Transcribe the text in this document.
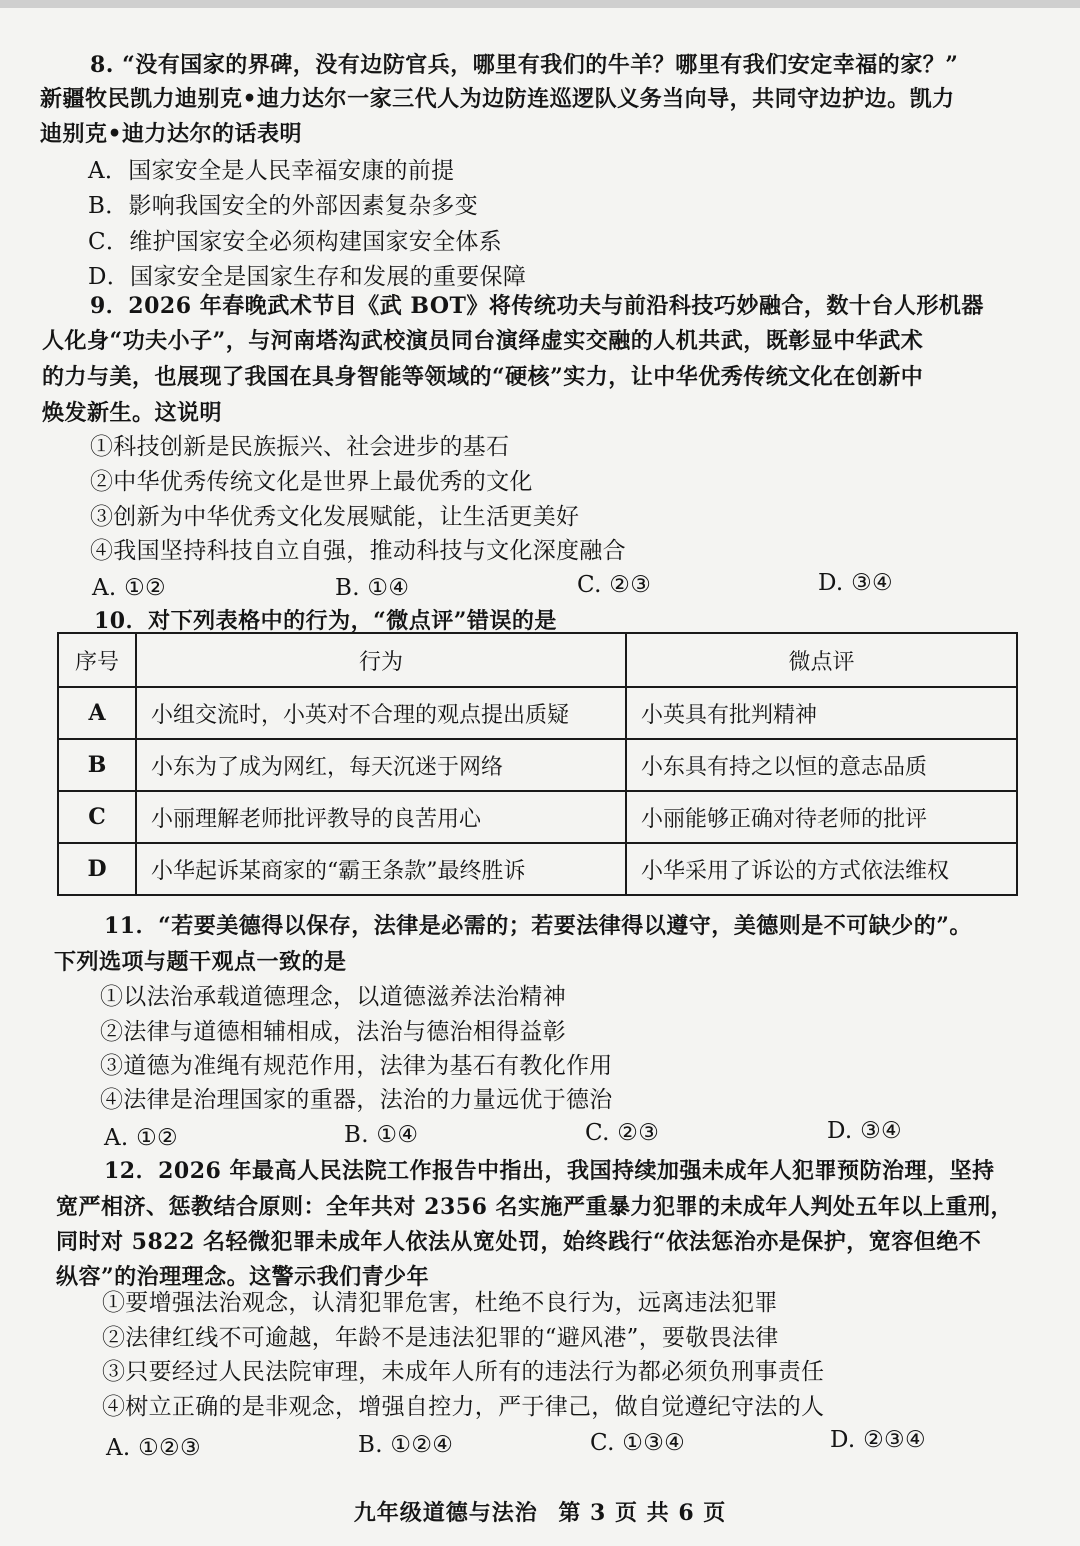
8. “没有国家的界碑，没有边防官兵，哪里有我们的牛羊？哪里有我们安定幸福的家？”
新疆牧民凯力迪别克•迪力达尔一家三代人为边防连巡逻队义务当向导，共同守边护边。凯力
迪别克•迪力达尔的话表明
A．国家安全是人民幸福安康的前提
B．影响我国安全的外部因素复杂多变
C．维护国家安全必须构建国家安全体系
D．国家安全是国家生存和发展的重要保障
9．2026 年春晚武术节目《武 BOT》将传统功夫与前沿科技巧妙融合，数十台人形机器
人化身“功夫小子”，与河南塔沟武校演员同台演绎虚实交融的人机共武，既彰显中华武术
的力与美，也展现了我国在具身智能等领域的“硬核”实力，让中华优秀传统文化在创新中
焕发新生。这说明
①科技创新是民族振兴、社会进步的基石
②中华优秀传统文化是世界上最优秀的文化
③创新为中华优秀文化发展赋能，让生活更美好
④我国坚持科技自立自强，推动科技与文化深度融合
A. ①②	B. ①④	C. ②③	D. ③④
10．对下列表格中的行为，“微点评”错误的是
序号	行为	微点评
A	小组交流时，小英对不合理的观点提出质疑	小英具有批判精神
B	小东为了成为网红，每天沉迷于网络	小东具有持之以恒的意志品质
C	小丽理解老师批评教导的良苦用心	小丽能够正确对待老师的批评
D	小华起诉某商家的“霸王条款”最终胜诉	小华采用了诉讼的方式依法维权
11．“若要美德得以保存，法律是必需的；若要法律得以遵守，美德则是不可缺少的”。
下列选项与题干观点一致的是
①以法治承载道德理念，以道德滋养法治精神
②法律与道德相辅相成，法治与德治相得益彰
③道德为准绳有规范作用，法律为基石有教化作用
④法律是治理国家的重器，法治的力量远优于德治
A. ①②	B. ①④	C. ②③	D. ③④
12．2026 年最高人民法院工作报告中指出，我国持续加强未成年人犯罪预防治理，坚持
宽严相济、惩教结合原则：全年共对 2356 名实施严重暴力犯罪的未成年人判处五年以上重刑，
同时对 5822 名轻微犯罪未成年人依法从宽处罚，始终践行“依法惩治亦是保护，宽容但绝不
纵容”的治理理念。这警示我们青少年
①要增强法治观念，认清犯罪危害，杜绝不良行为，远离违法犯罪
②法律红线不可逾越，年龄不是违法犯罪的“避风港”，要敬畏法律
③只要经过人民法院审理，未成年人所有的违法行为都必须负刑事责任
④树立正确的是非观念，增强自控力，严于律己，做自觉遵纪守法的人
A. ①②③	B. ①②④	C. ①③④	D. ②③④
九年级道德与法治 第 3 页 共 6 页
